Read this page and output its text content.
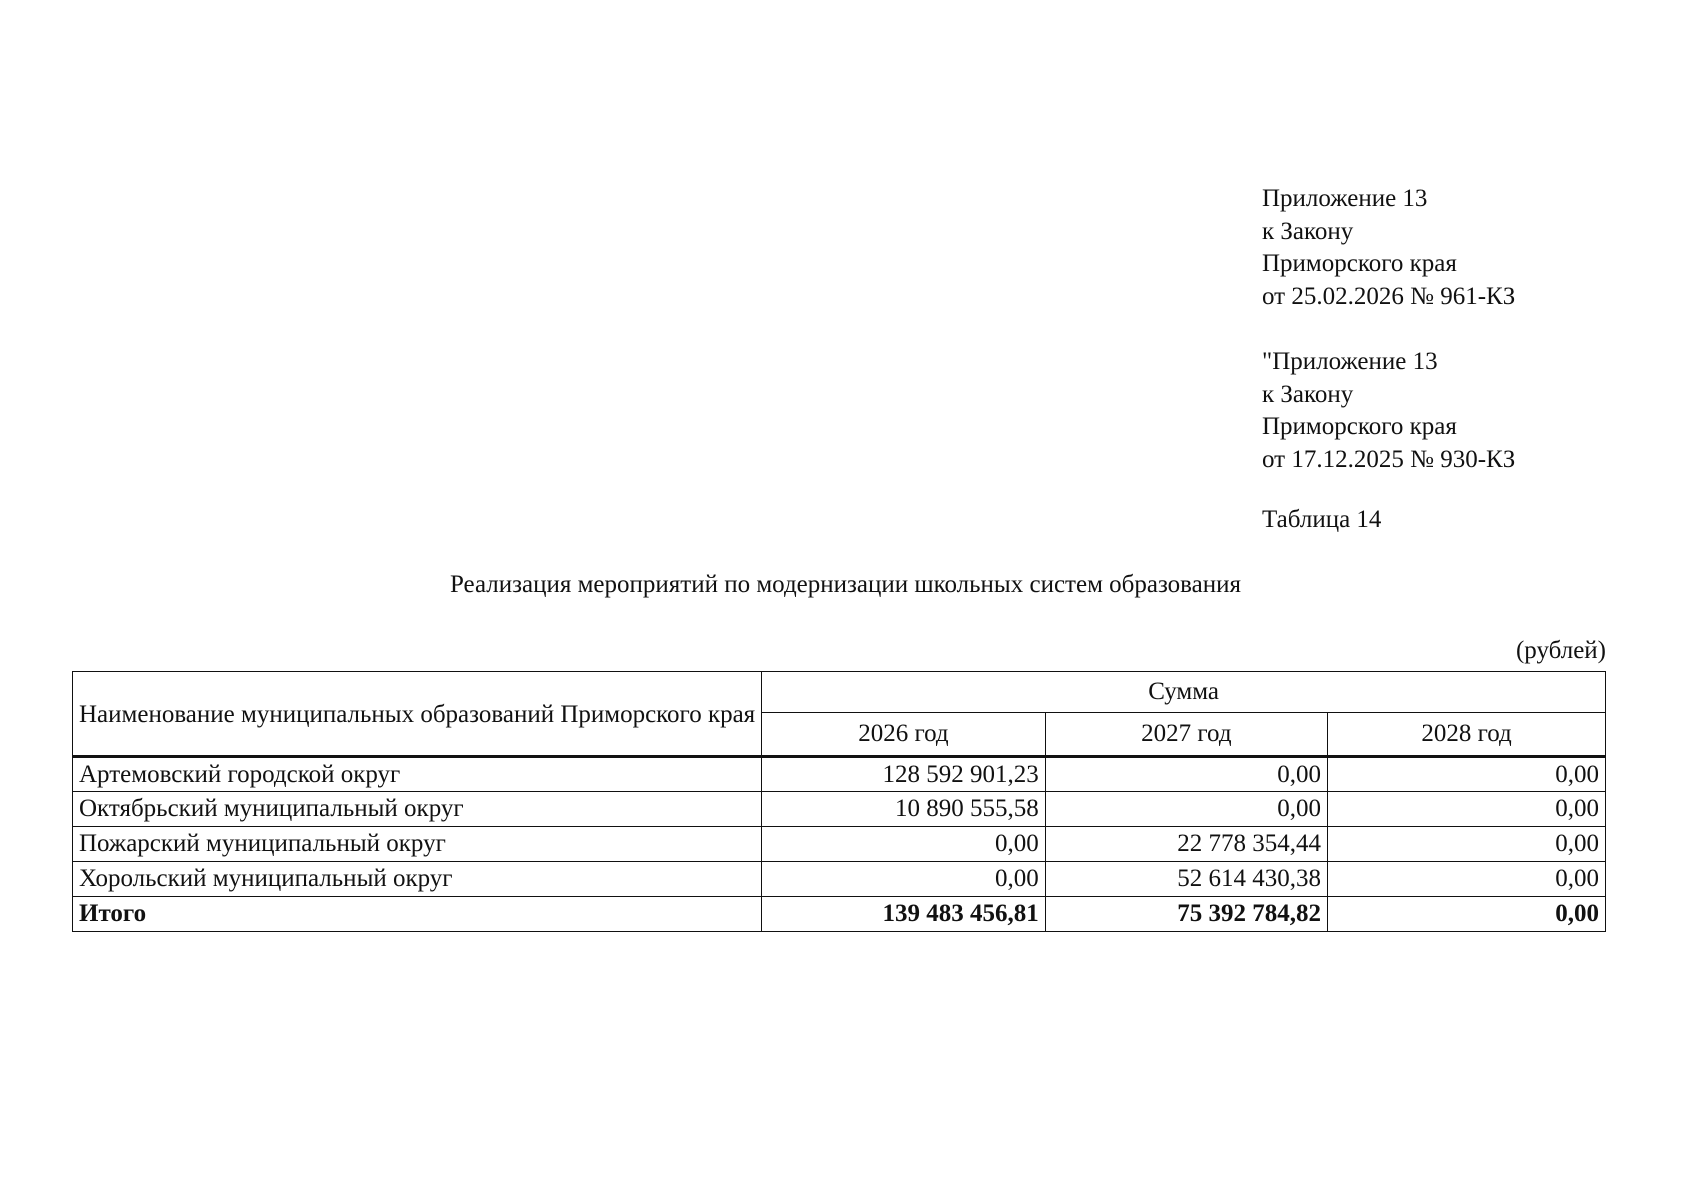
Приложение 13
к Закону
Приморского края
от 25.02.2026 № 961-КЗ
"Приложение 13
к Закону
Приморского края
от 17.12.2025 № 930-КЗ
Таблица 14
Реализация мероприятий по модернизации школьных систем образования
(рублей)
Наименование муниципальных образований Приморского края	Сумма		
	2026 год	2027 год	2028 год
Артемовский городской округ	128 592 901,23	0,00	0,00
Октябрьский муниципальный округ	10 890 555,58	0,00	0,00
Пожарский муниципальный округ	0,00	22 778 354,44	0,00
Хорольский муниципальный округ	0,00	52 614 430,38	0,00
Итого	139 483 456,81	75 392 784,82	0,00
